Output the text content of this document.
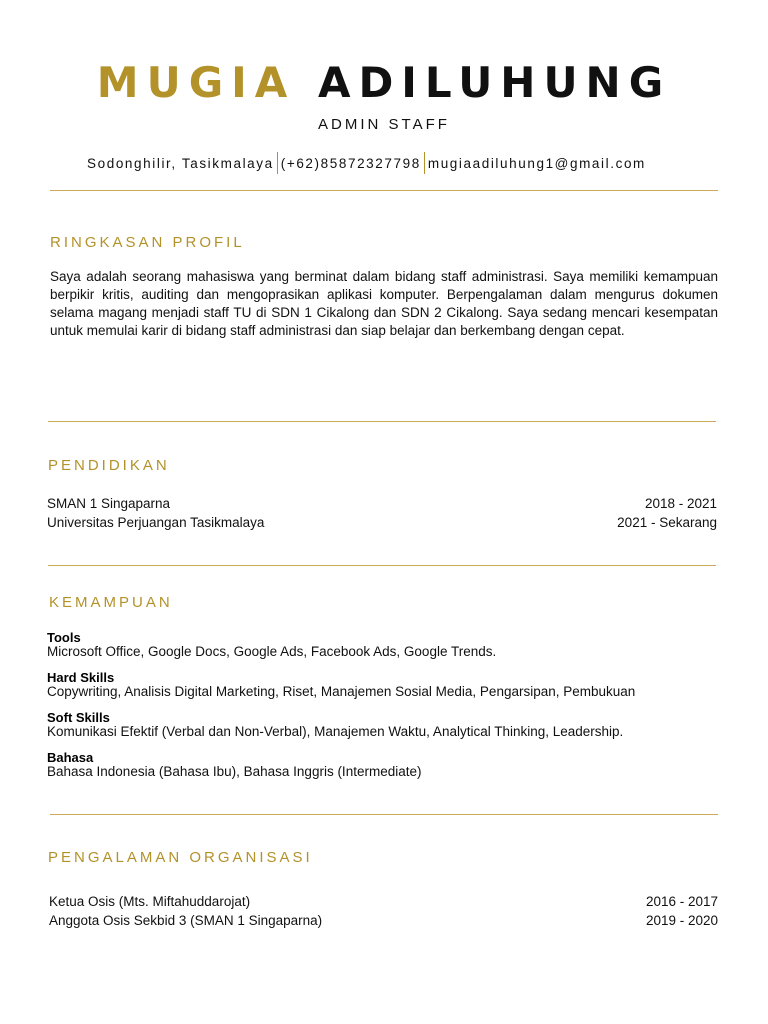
MUGIA ADILUHUNG
ADMIN STAFF
Sodonghilir, Tasikmalaya (+62)85872327798 mugiaadiluhung1@gmail.com
RINGKASAN PROFIL

Saya adalah seorang mahasiswa yang berminat dalam bidang staff administrasi. Saya memiliki kemampuan berpikir kritis, auditing dan mengoprasikan aplikasi komputer. Berpengalaman dalam mengurus dokumen selama magang menjadi staff TU di SDN 1 Cikalong dan SDN 2 Cikalong. Saya sedang mencari kesempatan untuk memulai karir di bidang staff administrasi dan siap belajar dan berkembang dengan cepat.

PENDIDIKAN
SMAN 1 Singaparna	2018 - 2021
Universitas Perjuangan Tasikmalaya	2021 - Sekarang
KEMAMPUAN
Tools
Microsoft Office, Google Docs, Google Ads, Facebook Ads, Google Trends.
Hard Skills
Copywriting, Analisis Digital Marketing, Riset, Manajemen Sosial Media, Pengarsipan, Pembukuan
Soft Skills
Komunikasi Efektif (Verbal dan Non-Verbal), Manajemen Waktu, Analytical Thinking, Leadership.
Bahasa
Bahasa Indonesia (Bahasa Ibu), Bahasa Inggris (Intermediate)
PENGALAMAN ORGANISASI
Ketua Osis (Mts. Miftahuddarojat)	2016 - 2017
Anggota Osis Sekbid 3 (SMAN 1 Singaparna)	2019 - 2020
